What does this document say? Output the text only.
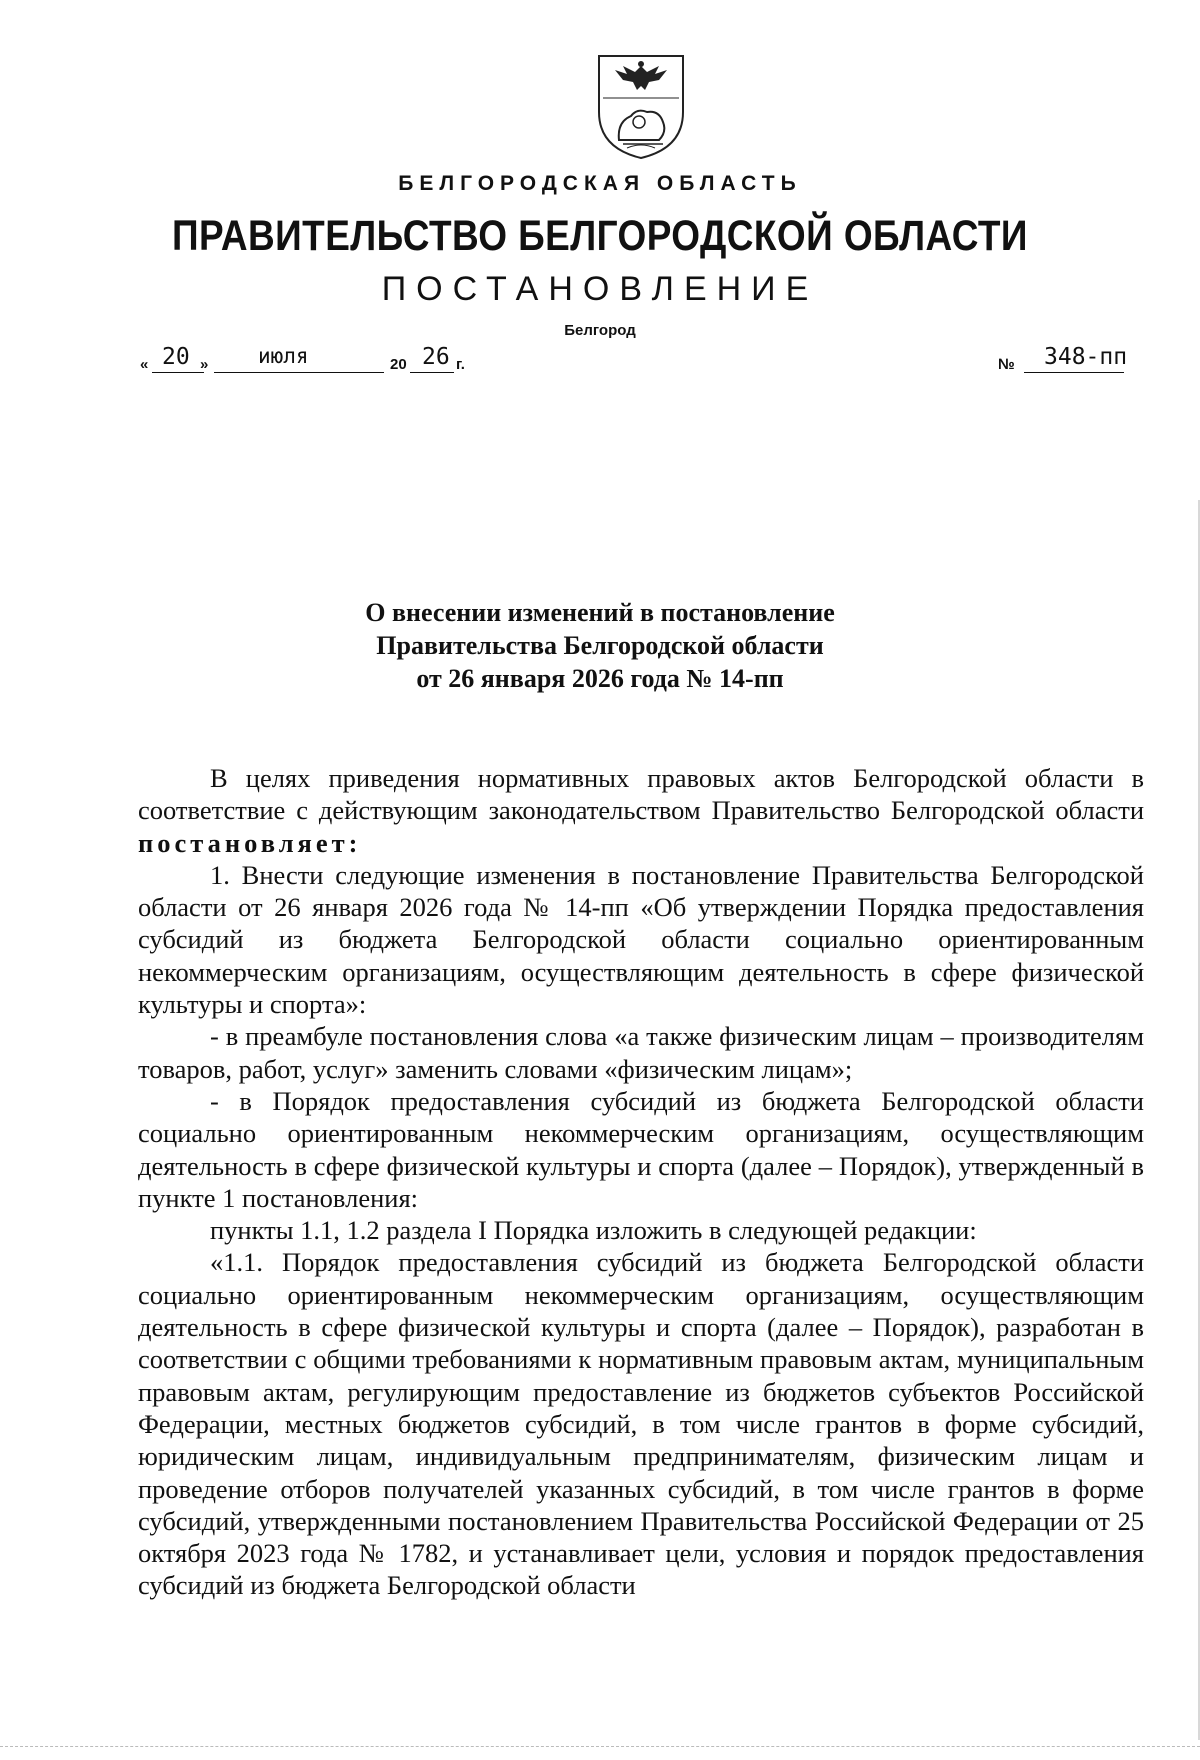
БЕЛГОРОДСКАЯ ОБЛАСТЬ
ПРАВИТЕЛЬСТВО БЕЛГОРОДСКОЙ ОБЛАСТИ
ПОСТАНОВЛЕНИЕ
Белгород
« 20 » июля	20 26 г.	№ 348-пп
О внесении изменений в постановление
Правительства Белгородской области
от 26 января 2026 года № 14-пп

В целях приведения нормативных правовых актов Белгородской области в соответствие с действующим законодательством Правительство Белгородской области постановляет:

1. Внести следующие изменения в постановление Правительства Белгородской области от 26 января 2026 года № 14-пп «Об утверждении Порядка предоставления субсидий из бюджета Белгородской области социально ориентированным некоммерческим организациям, осуществляющим деятельность в сфере физической культуры и спорта»:

- в преамбуле постановления слова «а также физическим лицам – производителям товаров, работ, услуг» заменить словами «физическим лицам»;

- в Порядок предоставления субсидий из бюджета Белгородской области социально ориентированным некоммерческим организациям, осуществляющим деятельность в сфере физической культуры и спорта (далее – Порядок), утвержденный в пункте 1 постановления:

пункты 1.1, 1.2 раздела I Порядка изложить в следующей редакции:

«1.1. Порядок предоставления субсидий из бюджета Белгородской области социально ориентированным некоммерческим организациям, осуществляющим деятельность в сфере физической культуры и спорта (далее – Порядок), разработан в соответствии с общими требованиями к нормативным правовым актам, муниципальным правовым актам, регулирующим предоставление из бюджетов субъектов Российской Федерации, местных бюджетов субсидий, в том числе грантов в форме субсидий, юридическим лицам, индивидуальным предпринимателям, физическим лицам и проведение отборов получателей указанных субсидий, в том числе грантов в форме субсидий, утвержденными постановлением Правительства Российской Федерации от 25 октября 2023 года № 1782, и устанавливает цели, условия и порядок предоставления субсидий из бюджета Белгородской области
